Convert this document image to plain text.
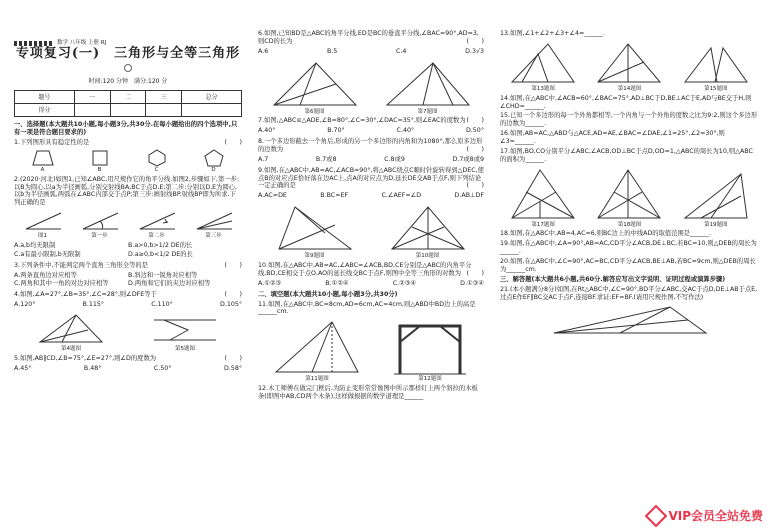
数学 八年级 上册 RJ
专项复习(一)　三角形与全等三角形
时间:120 分钟　满分:120 分
题号	一	二	三	总分
得分				

一、选择题(本大题共10小题,每小题3分,共30分.在每小题给出的四个选项中,只有一项是符合题目要求的)

1.下列图形具有稳定性的是	(　　)

A	B	C	D

2.(2020·河北)如图1,已知∠ABC,用尺规作它的角平分线.如图2,步骤如下,第一步:以B为圆心,以a为半径画弧,分别交射线BA,BC于点D,E;第二步:分别以D,E为圆心,以b为半径画弧,两弧在∠ABC内部交于点P;第三步:画射线BP.射线BP即为所求.下列正确的是

图1	第一步	第二步	第三步
A.a,b均无限制	B.a>0,b>1/2 DE的长
C.a有最小限制,b无限制	D.a≥0,b<1/2 DE的长

3.下列条件中,不能判定两个直角三角形全等的是	(　　)

A.两条直角边对应相等	B.斜边和一锐角对应相等
C.两角和其中一角的对边对应相等	D.两角和它们的夹边对应相等

4.如图,∠A=27°,∠B=35°,∠C=28°,则∠DFE等于	(　　)

A.120°	B.115°	C.110°	D.105°
第4题图	第5题图

5.如图,AB∥CD,∠B=75°,∠E=27°,则∠D的度数为	(　　)

A.45°	B.48°	C.50°	D.58°

6.如图,已知BD是△ABC的角平分线,ED是BC的垂直平分线,∠BAC=90°,AD=3,则CD的长为	(　　)

A.6	B.5	C.4	D.3√3
第6题图	第7题图

7.如图,△ABC≌△ADE,∠B=80°,∠C=30°,∠DAC=35°,则∠EAC的度数为 (　　)

A.40°	B.70°	C.40°	D.50°

8.一个多边形截去一个角后,形成的另一个多边形的内角和为1080°,那么原多边形的边数为	(　　)

A.7	B.7或8	C.8或9	D.7或8或9

9.如图,在△ABC中,AB=AC,∠ACB=90°,将△ABC绕点C顺时针旋转得到△DEC,使点B的对应点E恰好落在边AC上,点A的对应点为D,延长DE交AB于点F,则下列结论一定正确的是	(　　)

A.AC=DE	B.BC=EF	C.∠AEF=∠D	D.AB⊥DF
第9题图	第10题图

10.如图,在△ABC中,AB=AC,∠ABC=∠ACB,BD,CE分别是△ABC的内角平分线,BD,CE相交于点O,AO的延长线交BC于点F,则图中全等三角形的对数为 (　　)

A.①②③	B.①②④	C.②③④	D.①③④

二、填空题(本大题共10小题,每小题3分,共30分)

11.如图,在△ABC中,BC=8cm,AD=6cm,AC=4cm,则△ABD中BD边上的高是______cm.

第11题图	第12题图

12.木工师傅在做完门框后,为防止变形常常像图中所示那样钉上两个斜拉的木板条(即图中AB,CD两个木条),这样做根据的数学道理是______

13.如图,∠1+∠2+∠3+∠4=______.

第13题图	第14题图	第15题图

14.如图,在△ABC中,∠ACB=60°,∠BAC=75°,AD⊥BC于D,BE⊥AC于E,AD与BE交于H,则∠CHD=______.

15.已知一个多边形的每一个外角都相等,一个内角与一个外角的度数之比为9:2,则这个多边形的边数为______.

16.如图,AB=AC,△ABD与△ACE,AD=AE,∠BAC=∠DAE,∠1=25°,∠2=30°,则∠3=______.

17.如图,BO,CO分别平分∠ABC,∠ACB,OD⊥BC于点D,OD=1,△ABC的周长为10,则△ABC的面积为______.

第17题图	第18题图	第19题图

18.如图,在△ABC中,AB=4,AC=6,则BC边上的中线AD的取值范围是______.

19.如图,在△ABC中,∠A=90°,AB=AC,CD平分∠ACB,DE⊥BC,若BC=10,则△DEB的周长为______.

20.如图,在△ABC中,∠C=90°,AC=BC,CD平分∠ACB,BE⊥AB,若BC=9cm,则△DEB的周长为______cm.

三、解答题(本大题共6小题,共60分.解答应写出文字说明、证明过程或演算步骤)

21.(本小题满分8分)如图,在Rt△ABC中,∠C=90°,BD平分∠ABC,交AC于点D,DE⊥AB于点E,过点E作EF∥BC交AC于点F,连接BF.求证:EF=BF.(请用尺规作图,不写作法)

VIP会员全站免费
